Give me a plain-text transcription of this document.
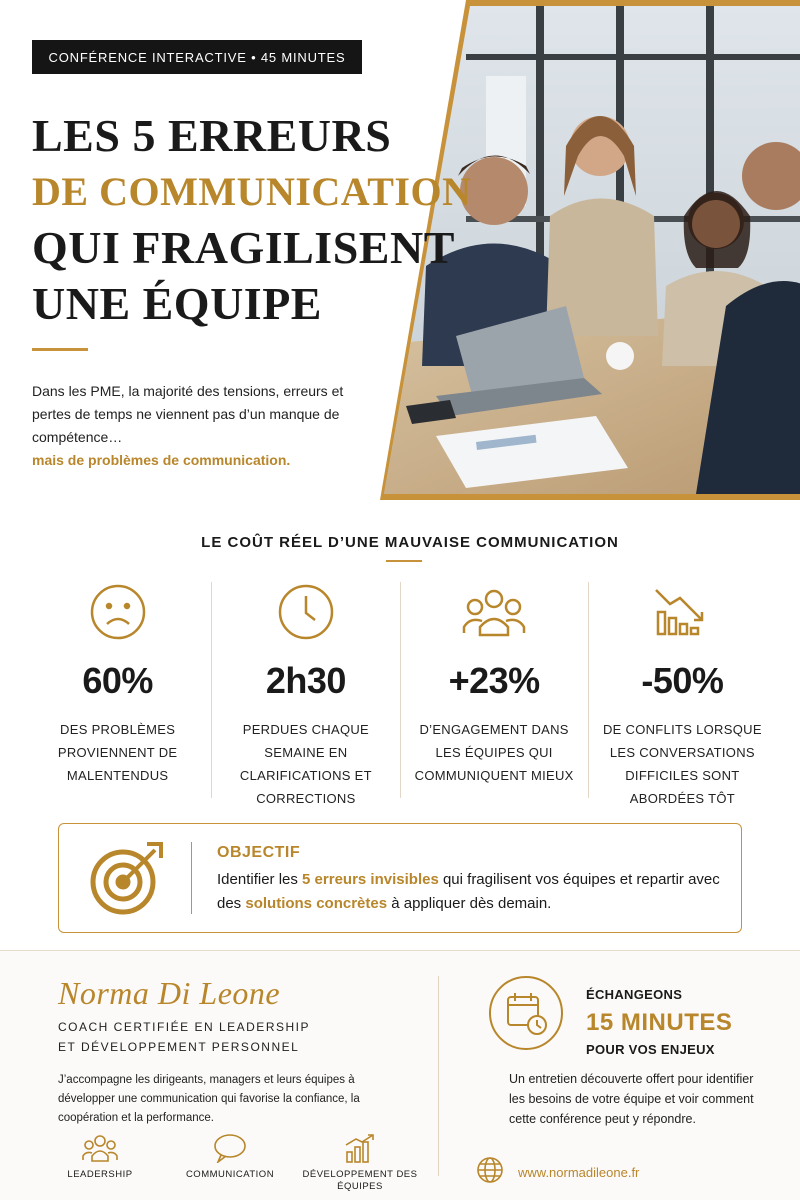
CONFÉRENCE INTERACTIVE • 45 MINUTES
LES 5 ERREURS
DE COMMUNICATION
QUI FRAGILISENT
UNE ÉQUIPE

Dans les PME, la majorité des tensions, erreurs et pertes de temps ne viennent pas d’un manque de compétence…
mais de problèmes de communication.

LE COÛT RÉEL D’UNE MAUVAISE COMMUNICATION
60%
DES PROBLÈMES PROVIENNENT DE MALENTENDUS
2h30
PERDUES CHAQUE SEMAINE EN CLARIFICATIONS ET CORRECTIONS
+23%
D’ENGAGEMENT DANS LES ÉQUIPES QUI COMMUNIQUENT MIEUX
-50%
DE CONFLITS LORSQUE LES CONVERSATIONS DIFFICILES SONT ABORDÉES TÔT
OBJECTIF

Identifier les 5 erreurs invisibles qui fragilisent vos équipes et repartir avec des solutions concrètes à appliquer dès demain.

Norma Di Leone
COACH CERTIFIÉE EN LEADERSHIP
ET DÉVELOPPEMENT PERSONNEL

J’accompagne les dirigeants, managers et leurs équipes à développer une communication qui favorise la confiance, la coopération et la performance.

LEADERSHIP	COMMUNICATION	DÉVELOPPEMENT DES ÉQUIPES
ÉCHANGEONS
15 MINUTES
POUR VOS ENJEUX

Un entretien découverte offert pour identifier les besoins de votre équipe et voir comment cette conférence peut y répondre.

www.normadileone.fr
